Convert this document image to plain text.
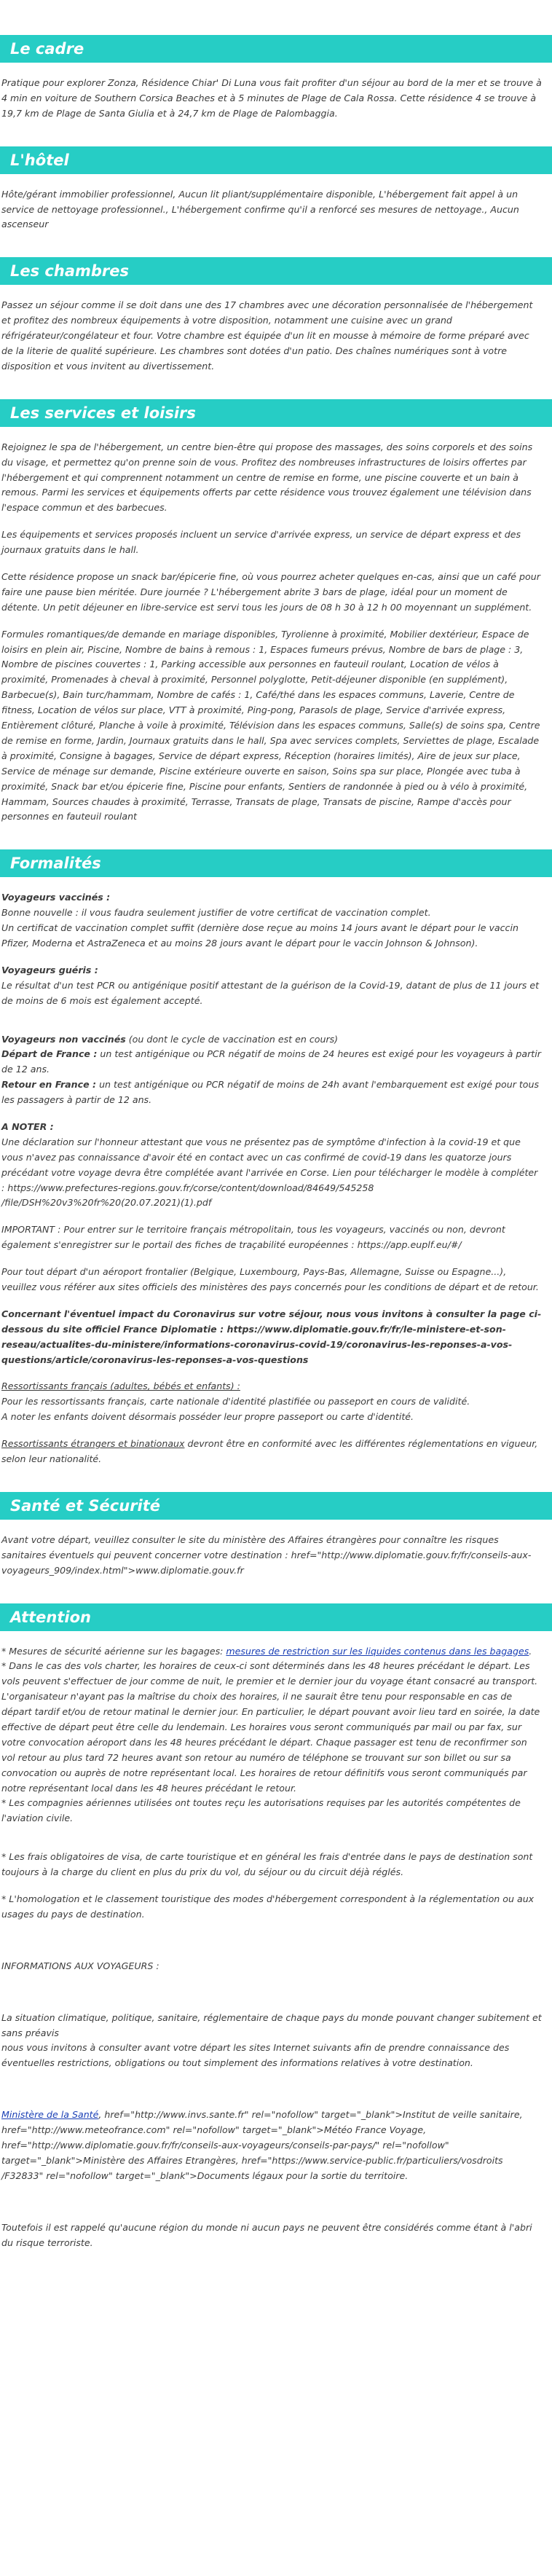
Le cadre

Pratique pour explorer Zonza, Résidence Chiar' Di Luna vous fait profiter d'un séjour au bord de la mer et se trouve à 4 min en voiture de Southern Corsica Beaches et à 5 minutes de Plage de Cala Rossa. Cette résidence 4 se trouve à 19,7 km de Plage de Santa Giulia et à 24,7 km de Plage de Palombaggia.

L'hôtel

Hôte/gérant immobilier professionnel, Aucun lit pliant/supplémentaire disponible, L'hébergement fait appel à un service de nettoyage professionnel., L'hébergement confirme qu'il a renforcé ses mesures de nettoyage., Aucun ascenseur

Les chambres

Passez un séjour comme il se doit dans une des 17 chambres avec une décoration personnalisée de l'hébergement et profitez des nombreux équipements à votre disposition, notamment une cuisine avec un grand réfrigérateur/congélateur et four. Votre chambre est équipée d'un lit en mousse à mémoire de forme préparé avec de la literie de qualité supérieure. Les chambres sont dotées d'un patio. Des chaînes numériques sont à votre disposition et vous invitent au divertissement.

Les services et loisirs

Rejoignez le spa de l'hébergement, un centre bien-être qui propose des massages, des soins corporels et des soins du visage, et permettez qu'on prenne soin de vous. Profitez des nombreuses infrastructures de loisirs offertes par l'hébergement et qui comprennent notamment un centre de remise en forme, une piscine couverte et un bain à remous. Parmi les services et équipements offerts par cette résidence vous trouvez également une télévision dans l'espace commun et des barbecues.

Les équipements et services proposés incluent un service d'arrivée express, un service de départ express et des journaux gratuits dans le hall.

Cette résidence propose un snack bar/épicerie fine, où vous pourrez acheter quelques en-cas, ainsi que un café pour faire une pause bien méritée. Dure journée ? L'hébergement abrite 3 bars de plage, idéal pour un moment de détente. Un petit déjeuner en libre-service est servi tous les jours de 08 h 30 à 12 h 00 moyennant un supplément.

Formules romantiques/de demande en mariage disponibles, Tyrolienne à proximité, Mobilier dextérieur, Espace de loisirs en plein air, Piscine, Nombre de bains à remous : 1, Espaces fumeurs prévus, Nombre de bars de plage : 3, Nombre de piscines couvertes : 1, Parking accessible aux personnes en fauteuil roulant, Location de vélos à proximité, Promenades à cheval à proximité, Personnel polyglotte, Petit-déjeuner disponible (en supplément), Barbecue(s), Bain turc/hammam, Nombre de cafés : 1, Café/thé dans les espaces communs, Laverie, Centre de fitness, Location de vélos sur place, VTT à proximité, Ping-pong, Parasols de plage, Service d'arrivée express, Entièrement clôturé, Planche à voile à proximité, Télévision dans les espaces communs, Salle(s) de soins spa, Centre de remise en forme, Jardin, Journaux gratuits dans le hall, Spa avec services complets, Serviettes de plage, Escalade à proximité, Consigne à bagages, Service de départ express, Réception (horaires limités), Aire de jeux sur place, Service de ménage sur demande, Piscine extérieure ouverte en saison, Soins spa sur place, Plongée avec tuba à proximité, Snack bar et/ou épicerie fine, Piscine pour enfants, Sentiers de randonnée à pied ou à vélo à proximité, Hammam, Sources chaudes à proximité, Terrasse, Transats de plage, Transats de piscine, Rampe d'accès pour personnes en fauteuil roulant

Formalités

Voyageurs vaccinés :
Bonne nouvelle : il vous faudra seulement justifier de votre certificat de vaccination complet.
Un certificat de vaccination complet suffit (dernière dose reçue au moins 14 jours avant le départ pour le vaccin Pfizer, Moderna et AstraZeneca et au moins 28 jours avant le départ pour le vaccin Johnson & Johnson).

Voyageurs guéris :
Le résultat d'un test PCR ou antigénique positif attestant de la guérison de la Covid-19, datant de plus de 11 jours et de moins de 6 mois est également accepté.

Voyageurs non vaccinés (ou dont le cycle de vaccination est en cours)
Départ de France : un test antigénique ou PCR négatif de moins de 24 heures est exigé pour les voyageurs à partir de 12 ans.
Retour en France : un test antigénique ou PCR négatif de moins de 24h avant l'embarquement est exigé pour tous les passagers à partir de 12 ans.

A NOTER :
Une déclaration sur l'honneur attestant que vous ne présentez pas de symptôme d'infection à la covid-19 et que vous n'avez pas connaissance d'avoir été en contact avec un cas confirmé de covid-19 dans les quatorze jours précédant votre voyage devra être complétée avant l'arrivée en Corse. Lien pour télécharger le modèle à compléter : https://www.prefectures-regions.gouv.fr/corse/content/download/84649/545258 /file/DSH%20v3%20fr%20(20.07.2021)(1).pdf

IMPORTANT : Pour entrer sur le territoire français métropolitain, tous les voyageurs, vaccinés ou non, devront également s'enregistrer sur le portail des fiches de traçabilité européennes : https://app.euplf.eu/#/

Pour tout départ d'un aéroport frontalier (Belgique, Luxembourg, Pays-Bas, Allemagne, Suisse ou Espagne...), veuillez vous référer aux sites officiels des ministères des pays concernés pour les conditions de départ et de retour.

Concernant l'éventuel impact du Coronavirus sur votre séjour, nous vous invitons à consulter la page ci-dessous du site officiel France Diplomatie : https://www.diplomatie.gouv.fr/fr/le-ministere-et-son-reseau/actualites-du-ministere/informations-coronavirus-covid-19/coronavirus-les-reponses-a-vos-questions/article/coronavirus-les-reponses-a-vos-questions

Ressortissants français (adultes, bébés et enfants) :
Pour les ressortissants français, carte nationale d'identité plastifiée ou passeport en cours de validité.
A noter les enfants doivent désormais posséder leur propre passeport ou carte d'identité.

Ressortissants étrangers et binationaux devront être en conformité avec les différentes réglementations en vigueur, selon leur nationalité.

Santé et Sécurité

Avant votre départ, veuillez consulter le site du ministère des Affaires étrangères pour connaître les risques sanitaires éventuels qui peuvent concerner votre destination : href="http://www.diplomatie.gouv.fr/fr/conseils-aux-voyageurs_909/index.html">www.diplomatie.gouv.fr

Attention

* Mesures de sécurité aérienne sur les bagages: mesures de restriction sur les liquides contenus dans les bagages.

* Dans le cas des vols charter, les horaires de ceux-ci sont déterminés dans les 48 heures précédant le départ. Les vols peuvent s'effectuer de jour comme de nuit, le premier et le dernier jour du voyage étant consacré au transport. L'organisateur n'ayant pas la maîtrise du choix des horaires, il ne saurait être tenu pour responsable en cas de départ tardif et/ou de retour matinal le dernier jour. En particulier, le départ pouvant avoir lieu tard en soirée, la date effective de départ peut être celle du lendemain. Les horaires vous seront communiqués par mail ou par fax, sur votre convocation aéroport dans les 48 heures précédant le départ. Chaque passager est tenu de reconfirmer son vol retour au plus tard 72 heures avant son retour au numéro de téléphone se trouvant sur son billet ou sur sa convocation ou auprès de notre représentant local. Les horaires de retour définitifs vous seront communiqués par notre représentant local dans les 48 heures précédant le retour.

* Les compagnies aériennes utilisées ont toutes reçu les autorisations requises par les autorités compétentes de l'aviation civile.

* Les frais obligatoires de visa, de carte touristique et en général les frais d'entrée dans le pays de destination sont toujours à la charge du client en plus du prix du vol, du séjour ou du circuit déjà réglés.

* L'homologation et le classement touristique des modes d'hébergement correspondent à la réglementation ou aux usages du pays de destination.

INFORMATIONS AUX VOYAGEURS :

La situation climatique, politique, sanitaire, réglementaire de chaque pays du monde pouvant changer subitement et sans préavis
nous vous invitons à consulter avant votre départ les sites Internet suivants afin de prendre connaissance des éventuelles restrictions, obligations ou tout simplement des informations relatives à votre destination.

Ministère de la Santé, href="http://www.invs.sante.fr" rel="nofollow" target="_blank">Institut de veille sanitaire, href="http://www.meteofrance.com" rel="nofollow" target="_blank">Météo France Voyage, href="http://www.diplomatie.gouv.fr/fr/conseils-aux-voyageurs/conseils-par-pays/" rel="nofollow" target="_blank">Ministère des Affaires Etrangères, href="https://www.service-public.fr/particuliers/vosdroits /F32833" rel="nofollow" target="_blank">Documents légaux pour la sortie du territoire.

Toutefois il est rappelé qu'aucune région du monde ni aucun pays ne peuvent être considérés comme étant à l'abri du risque terroriste.
